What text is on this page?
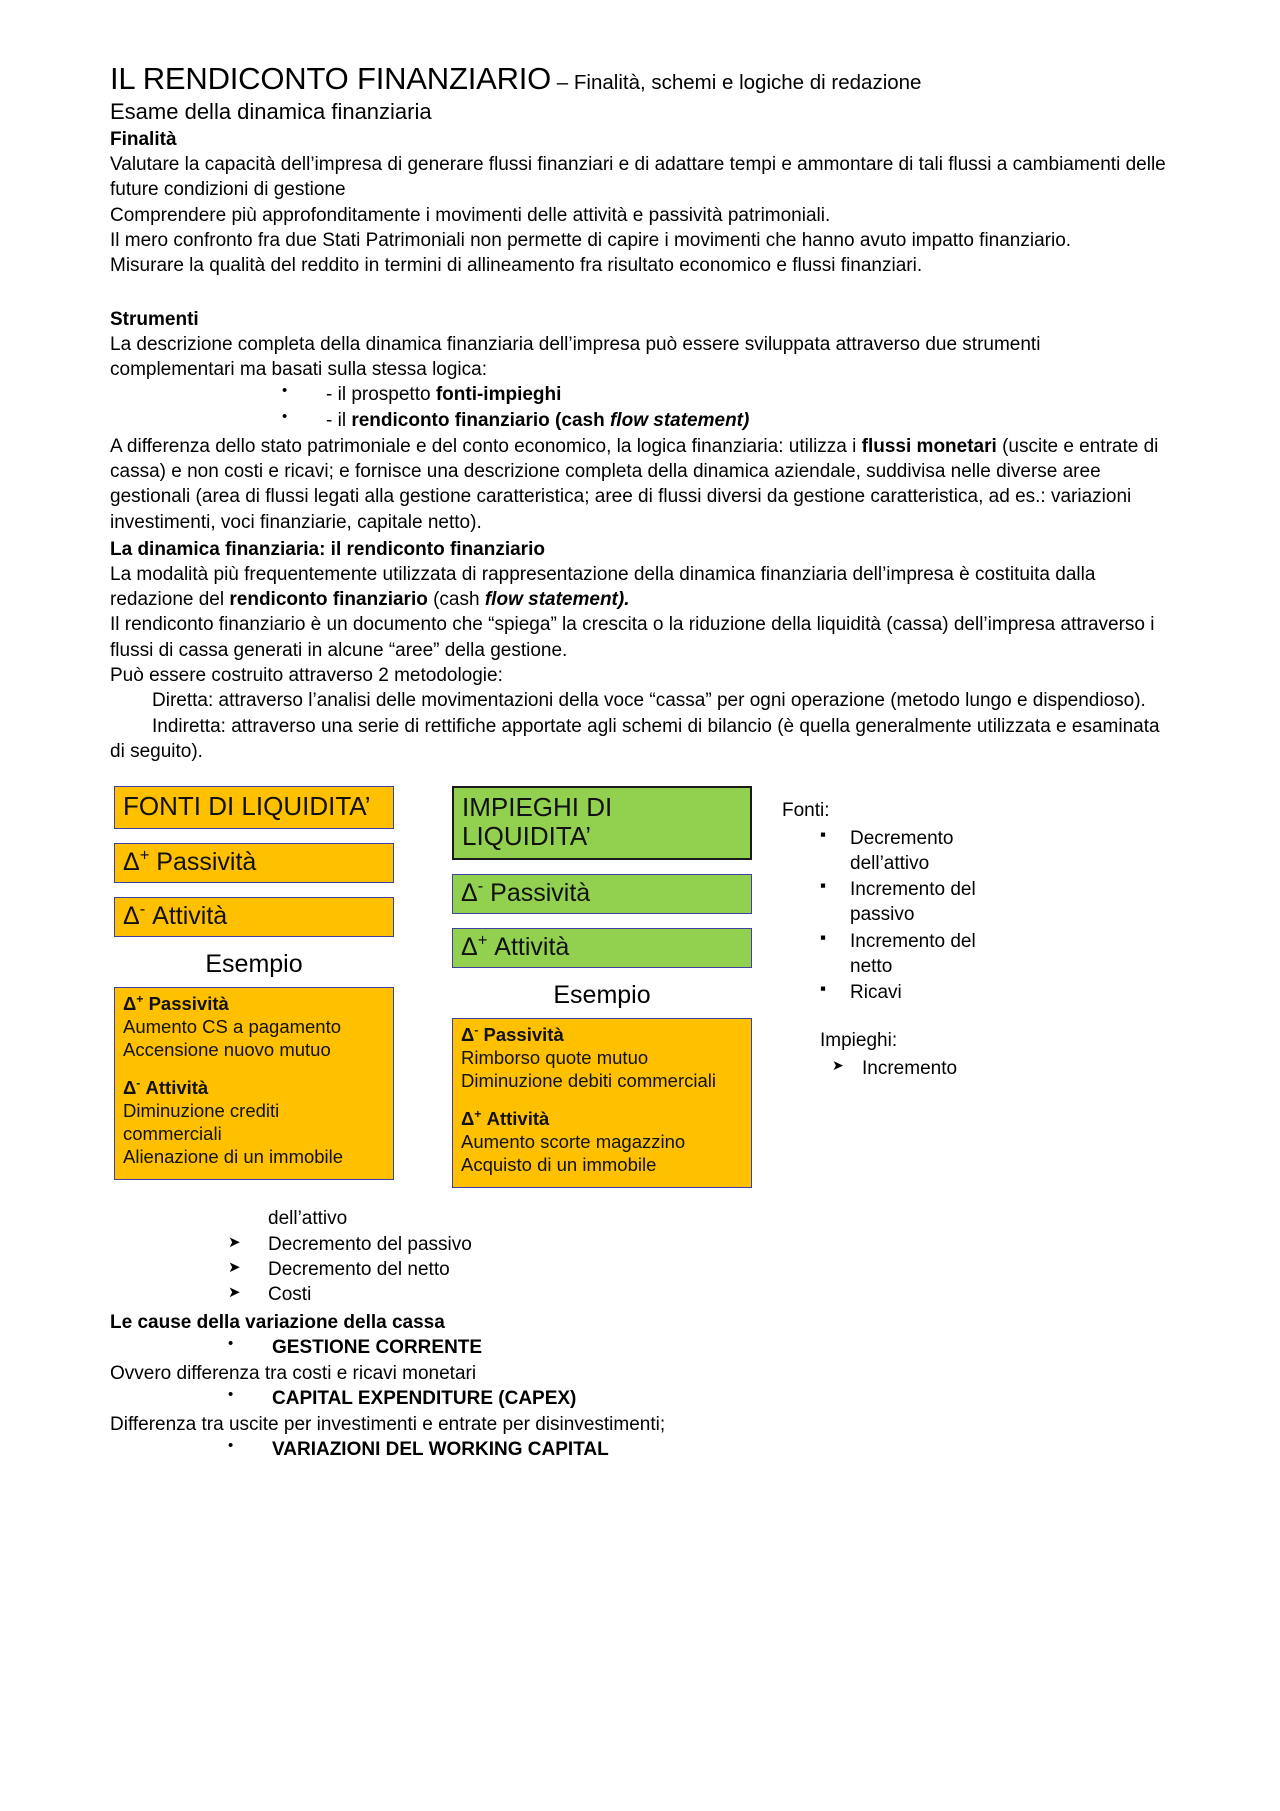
IL RENDICONTO FINANZIARIO – Finalità, schemi e logiche di redazione
Esame della dinamica finanziaria
Finalità

Valutare la capacità dell’impresa di generare flussi finanziari e di adattare tempi e ammontare di tali flussi a cambiamenti delle future condizioni di gestione

Comprendere più approfonditamente i movimenti delle attività e passività patrimoniali.

Il mero confronto fra due Stati Patrimoniali non permette di capire i movimenti che hanno avuto impatto finanziario.

Misurare la qualità del reddito in termini di allineamento fra risultato economico e flussi finanziari.

Strumenti

La descrizione completa della dinamica finanziaria dell’impresa può essere sviluppata attraverso due strumenti complementari ma basati sulla stessa logica:

• - il prospetto fonti-impieghi
• - il rendiconto finanziario (cash flow statement)

A differenza dello stato patrimoniale e del conto economico, la logica finanziaria: utilizza i flussi monetari (uscite e entrate di cassa) e non costi e ricavi; e fornisce una descrizione completa della dinamica aziendale, suddivisa nelle diverse aree gestionali (area di flussi legati alla gestione caratteristica; aree di flussi diversi da gestione caratteristica, ad es.: variazioni investimenti, voci finanziarie, capitale netto).

La dinamica finanziaria: il rendiconto finanziario

La modalità più frequentemente utilizzata di rappresentazione della dinamica finanziaria dell’impresa è costituita dalla redazione del rendiconto finanziario (cash flow statement).

Il rendiconto finanziario è un documento che “spiega” la crescita o la riduzione della liquidità (cassa) dell’impresa attraverso i flussi di cassa generati in alcune “aree” della gestione.

Può essere costruito attraverso 2 metodologie:

Diretta: attraverso l’analisi delle movimentazioni della voce “cassa” per ogni operazione (metodo lungo e dispendioso).

Indiretta: attraverso una serie di rettifiche apportate agli schemi di bilancio (è quella generalmente utilizzata e esaminata di seguito).

FONTI DI LIQUIDITA’
Δ+ Passività
Δ- Attività
Esempio
Δ+ Passività
Aumento CS a pagamento
Accensione nuovo mutuo
Δ- Attività
Diminuzione crediti
commerciali
Alienazione di un immobile
IMPIEGHI DI LIQUIDITA’
Δ- Passività
Δ+ Attività
Esempio
Δ- Passività
Rimborso quote mutuo
Diminuzione debiti commerciali
Δ+ Attività
Aumento scorte magazzino
Acquisto di un immobile
Fonti:
▪ Decremento dell’attivo
▪ Incremento del passivo
▪ Incremento del netto
▪ Ricavi
Impieghi:
➤ Incremento
dell’attivo
➤ Decremento del passivo
➤ Decremento del netto
➤ Costi
Le cause della variazione della cassa
• GESTIONE CORRENTE

Ovvero differenza tra costi e ricavi monetari

• CAPITAL EXPENDITURE (CAPEX)

Differenza tra uscite per investimenti e entrate per disinvestimenti;

• VARIAZIONI DEL WORKING CAPITAL
